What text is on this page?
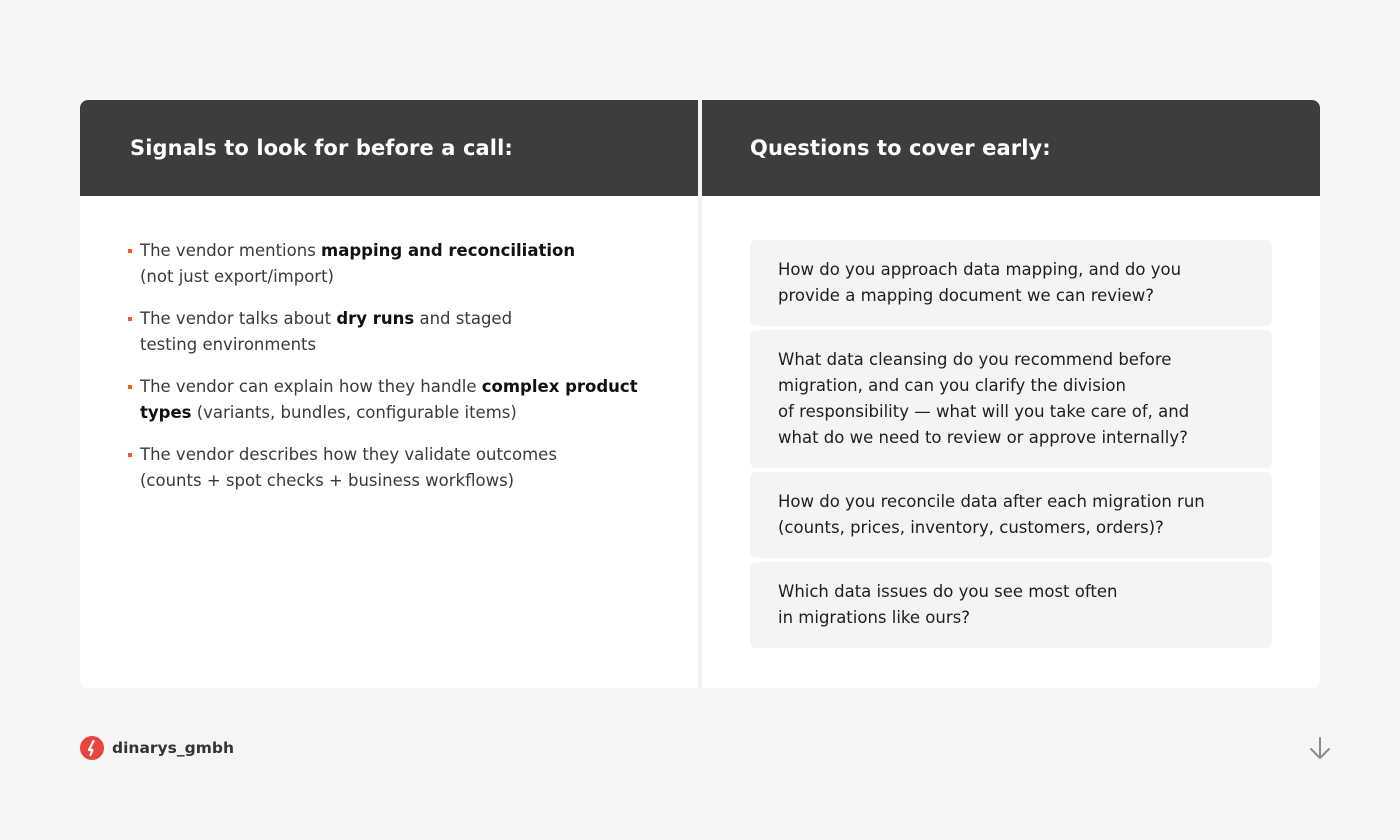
Signals to look for before a call:
The vendor mentions mapping and reconciliation
(not just export/import)
The vendor talks about dry runs and staged
testing environments
The vendor can explain how they handle complex product types (variants, bundles, configurable items)
The vendor describes how they validate outcomes
(counts + spot checks + business workflows)
Questions to cover early:
How do you approach data mapping, and do you
provide a mapping document we can review?
What data cleansing do you recommend before
migration, and can you clarify the division
of responsibility — what will you take care of, and
what do we need to review or approve internally?
How do you reconcile data after each migration run
(counts, prices, inventory, customers, orders)?
Which data issues do you see most often
in migrations like ours?
dinarys_gmbh
